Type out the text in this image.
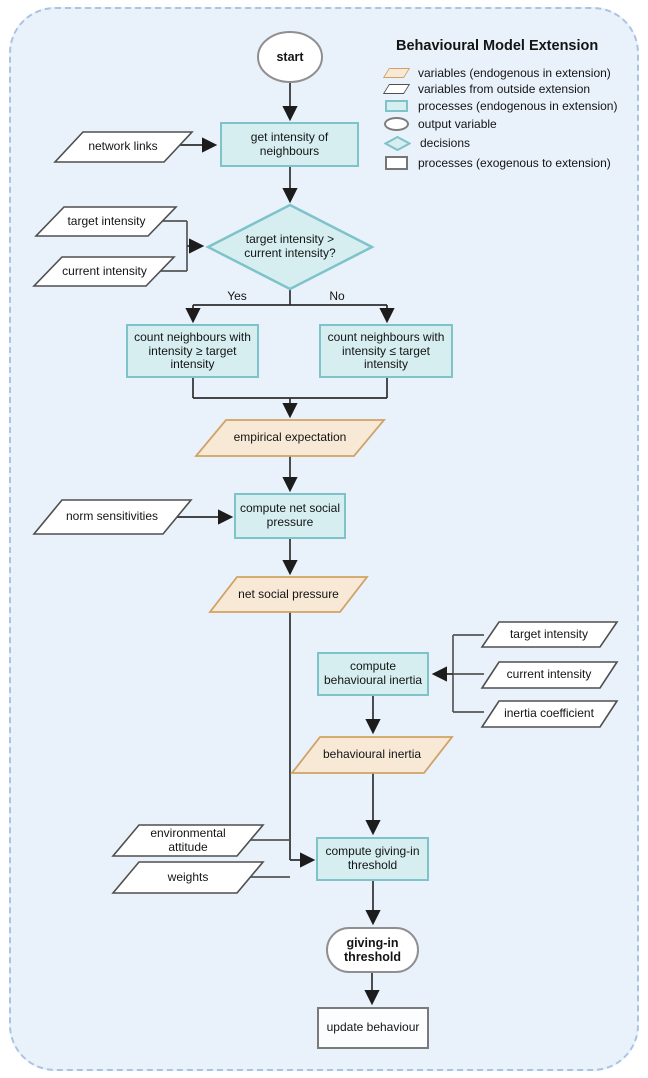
start
network links
get intensity of
neighbours
target intensity
current intensity
target intensity >
current intensity?
Yes	No
count neighbours with
intensity ≥ target
intensity
count neighbours with
intensity ≤ target
intensity
empirical expectation
norm sensitivities
compute net social
pressure
net social pressure
target intensity
current intensity
inertia coefficient
compute
behavioural inertia
behavioural inertia
environmental
attitude
weights
compute giving-in
threshold
giving-in
threshold
update behaviour
Behavioural Model Extension
variables (endogenous in extension)
variables from outside extension
processes (endogenous in extension)
output variable
decisions
processes (exogenous to extension)
